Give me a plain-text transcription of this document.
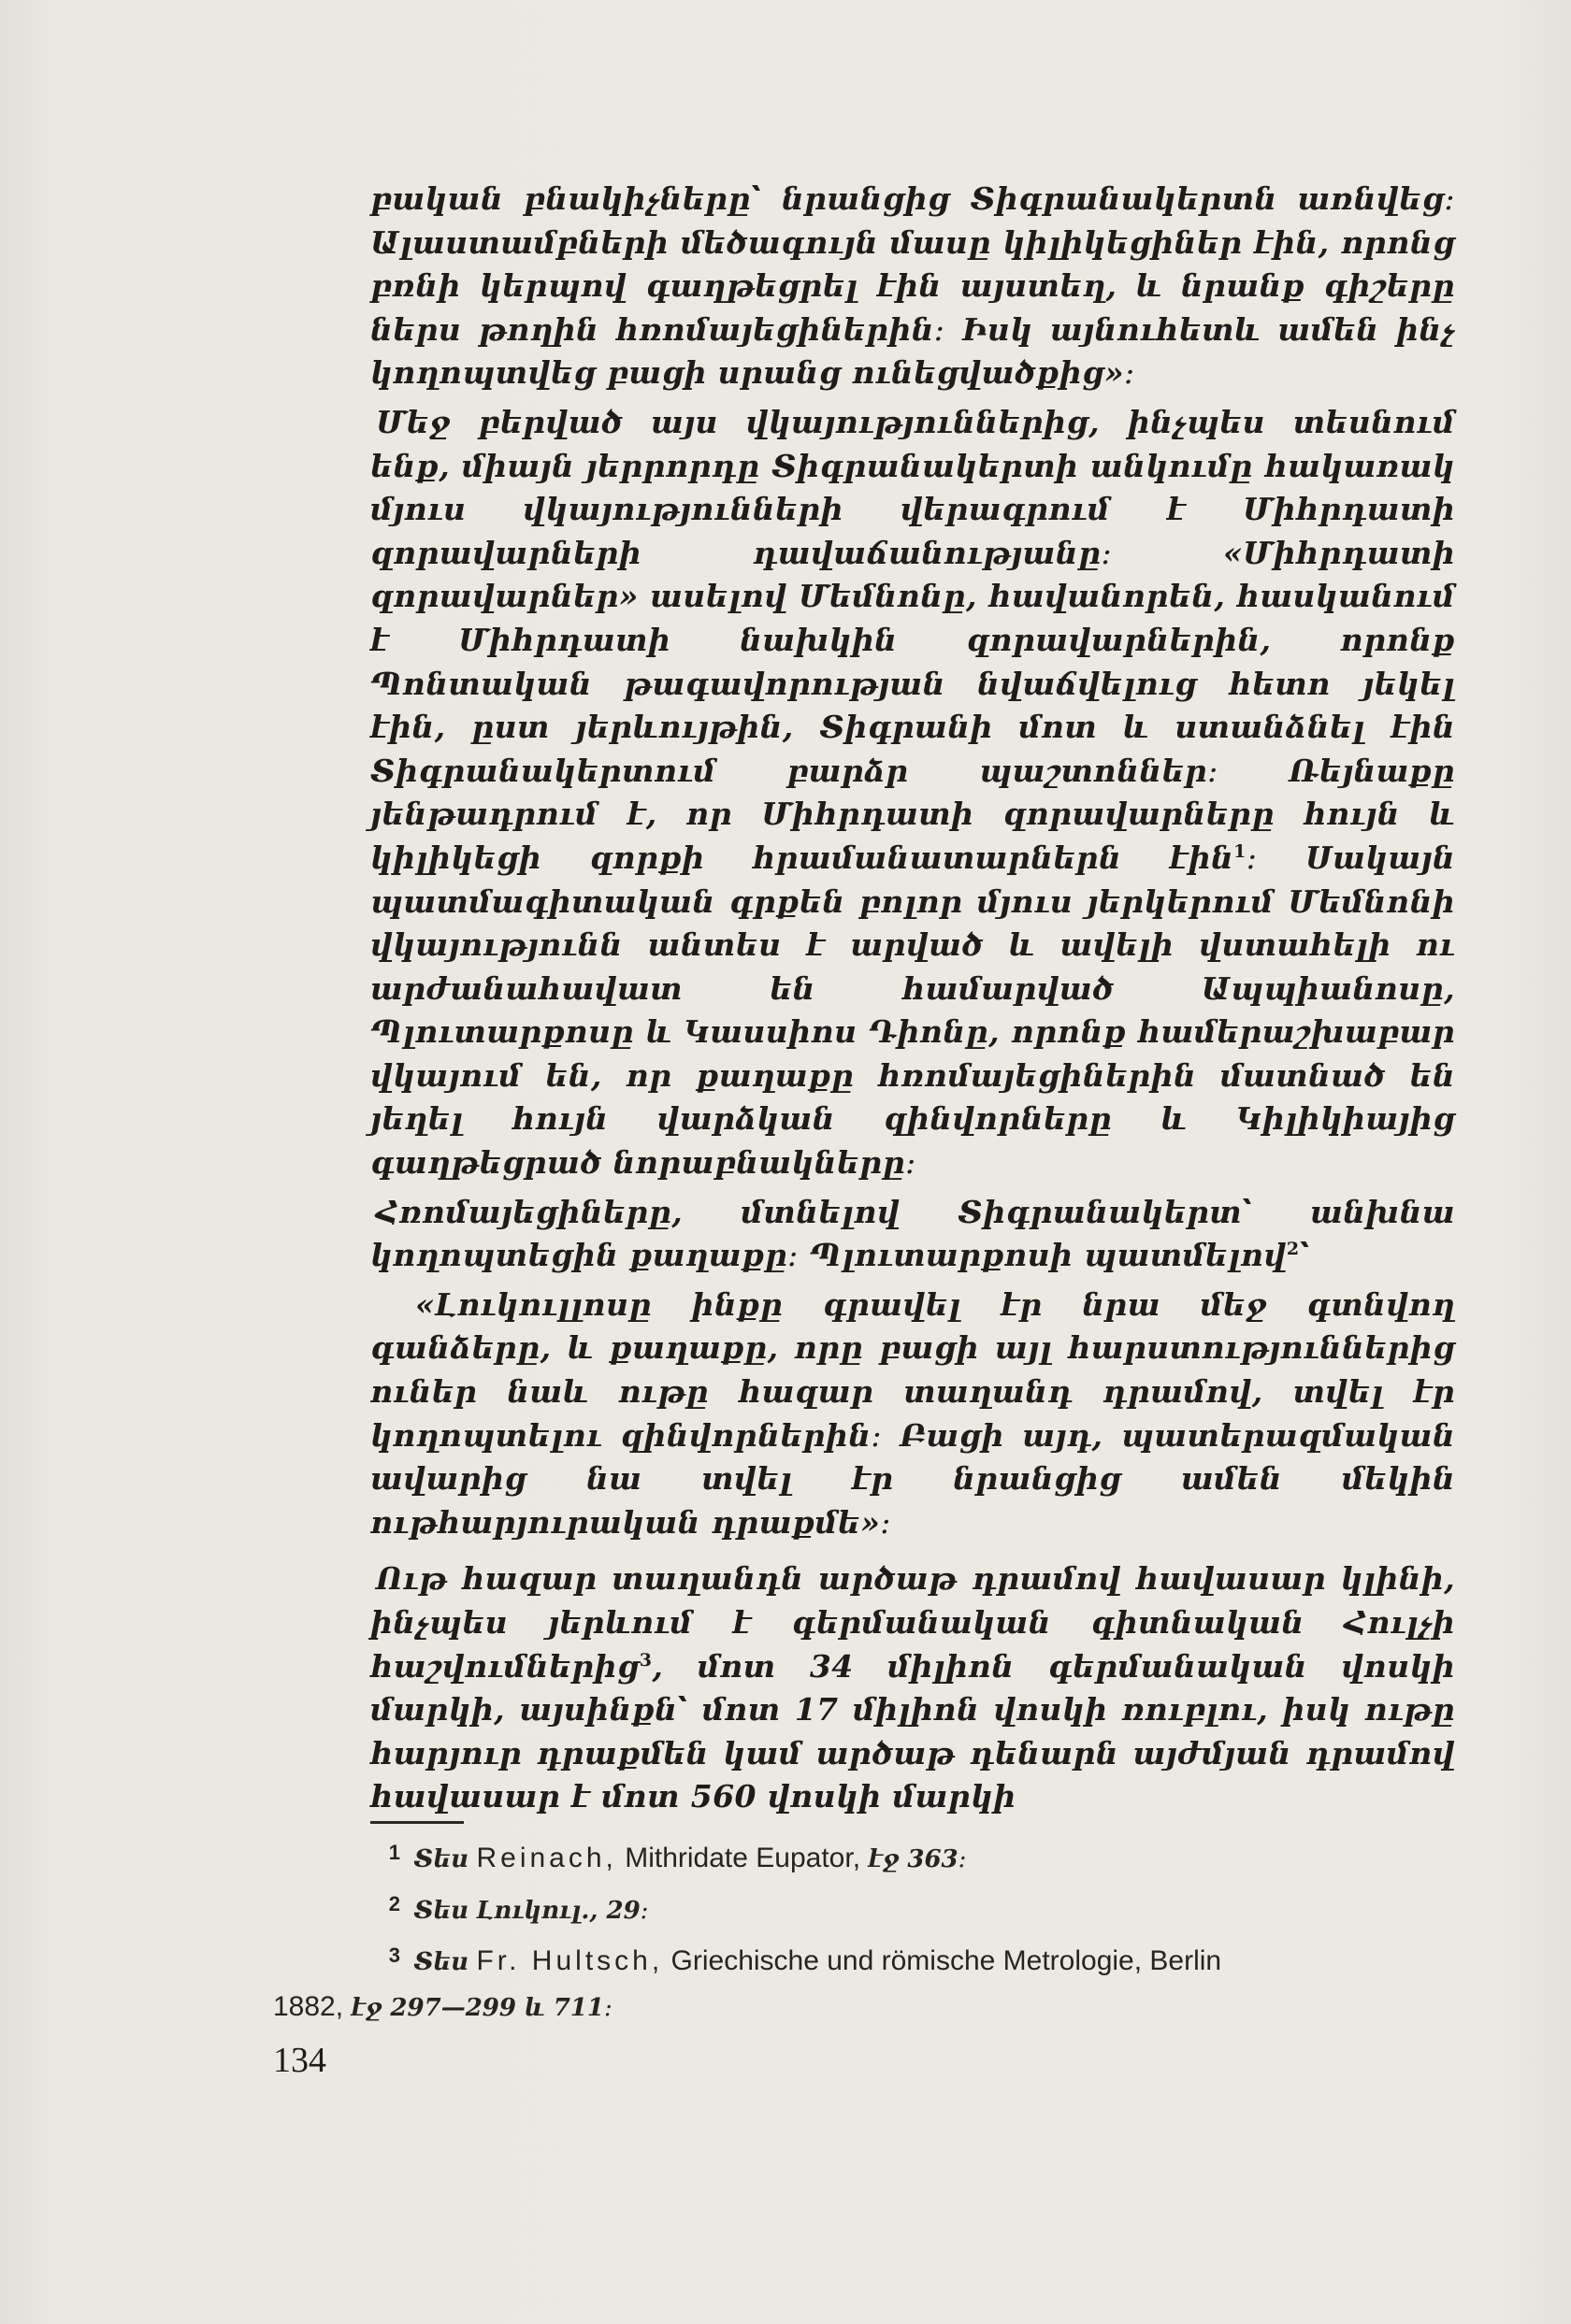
բական բնակիչները՝ նրանցից Տիգրանակերտն առնվեց։ Ալաստամբների մեծագույն մասը կիլիկեցիներ էին, որոնց բռնի կերպով գաղթեցրել էին այստեղ, և նրանք գիշերը ներս թողին հռոմայեցիներին։ Իսկ այնուհետև ամեն ինչ կողոպտվեց բացի սրանց ունեցվածքից»։

Մեջ բերված այս վկայություններից, ինչպես տեսնում ենք, միայն յերրորդը Տիգրանակերտի անկումը հակառակ մյուս վկայությունների վերագրում է Միհրդատի զորավարների դավաճանությանը։ «Միհրդատի զորավարներ» ասելով Մեմնոնը, հավանորեն, հասկանում է Միհրդատի նախկին զորավարներին, որոնք Պոնտական թագավորության նվաճվելուց հետո յեկել էին, ըստ յերևույթին, Տիգրանի մոտ և ստանձնել էին Տիգրանակերտում բարձր պաշտոններ։ Ռեյնաքը յենթադրում է, որ Միհրդատի զորավարները հույն և կիլիկեցի զորքի հրամանատարներն էին$^1$։ Սակայն պատմագիտական գրքեն բոլոր մյուս յերկերում Մեմնոնի վկայությունն անտես է արված և ավելի վստահելի ու արժանահավատ են համարված Ապպիանոսը, Պլուտարքոսը և Կասսիոս Դիոնը, որոնք համերաշխաբար վկայում են, որ քաղաքը հռոմայեցիներին մատնած են յեղել հույն վարձկան զինվորները և Կիլիկիայից գաղթեցրած նորաբնակները։

Հռոմայեցիները, մտնելով Տիգրանակերտ՝ անխնա կողոպտեցին քաղաքը։ Պլուտարքոսի պատմելով$^2$՝

«Լուկուլլոսը ինքը գրավել էր նրա մեջ գտնվող գանձերը, և քաղաքը, որը բացի այլ հարստություններից ուներ նաև ութը հազար տաղանդ դրամով, տվել էր կողոպտելու զինվորներին։ Բացի այդ, պատերազմական ավարից նա տվել էր նրանցից ամեն մեկին ութհարյուրական դրաքմե»։

Ութ հազար տաղանդն արծաթ դրամով հավասար կլինի, ինչպես յերևում է գերմանական գիտնական Հուլչի հաշվումներից$^3$, մոտ 34 միլիոն գերմանական վոսկի մարկի, այսինքն՝ մոտ 17 միլիոն վոսկի ռուբլու, իսկ ութը հարյուր դրաքմեն կամ արծաթ դենարն այժմյան դրամով հավասար է մոտ 560 վոսկի մարկի

1 Տես Reinach, Mithridate Eupator, էջ 363։

2 Տես Լուկուլ., 29։

3 Տես Fr. Hultsch, Griechische und römische Metrologie, Berlin

1882, էջ 297—299 և 711։

134
